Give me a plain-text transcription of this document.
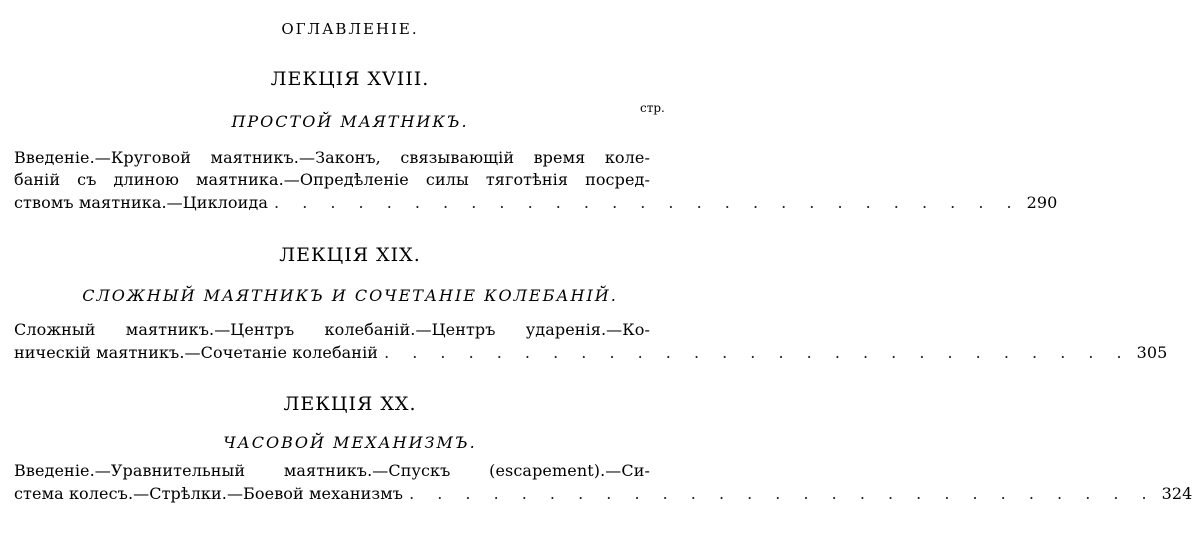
ОГЛАВЛЕНІЕ.
ЛЕКЦІЯ XVIII.
стр.
ПРОСТОЙ МАЯТНИКЪ.
Введеніе.—Круговой маятникъ.—Законъ, связывающій время коле-
баній съ длиною маятника.—Опредѣленіе силы тяготѣнія посред-
ствомъ маятника.—Циклоида . . . . . . . . . . . . . . . . . . . . . . . . . . . 290
ЛЕКЦІЯ XIX.
СЛОЖНЫЙ МАЯТНИКЪ И СОЧЕТАНІЕ КОЛЕБАНІЙ.
Сложный маятникъ.—Центръ колебаній.—Центръ ударенія.—Ко-
ническій маятникъ.—Сочетаніе колебаній . . . . . . . . . . . . . . . . . . . . . . . . . . . 305
ЛЕКЦІЯ XX.
ЧАСОВОЙ МЕХАНИЗМЪ.
Введеніе.—Уравнительный маятникъ.—Спускъ (escapement).—Си-
стема колесъ.—Стрѣлки.—Боевой механизмъ . . . . . . . . . . . . . . . . . . . . . . . . . . . 324
